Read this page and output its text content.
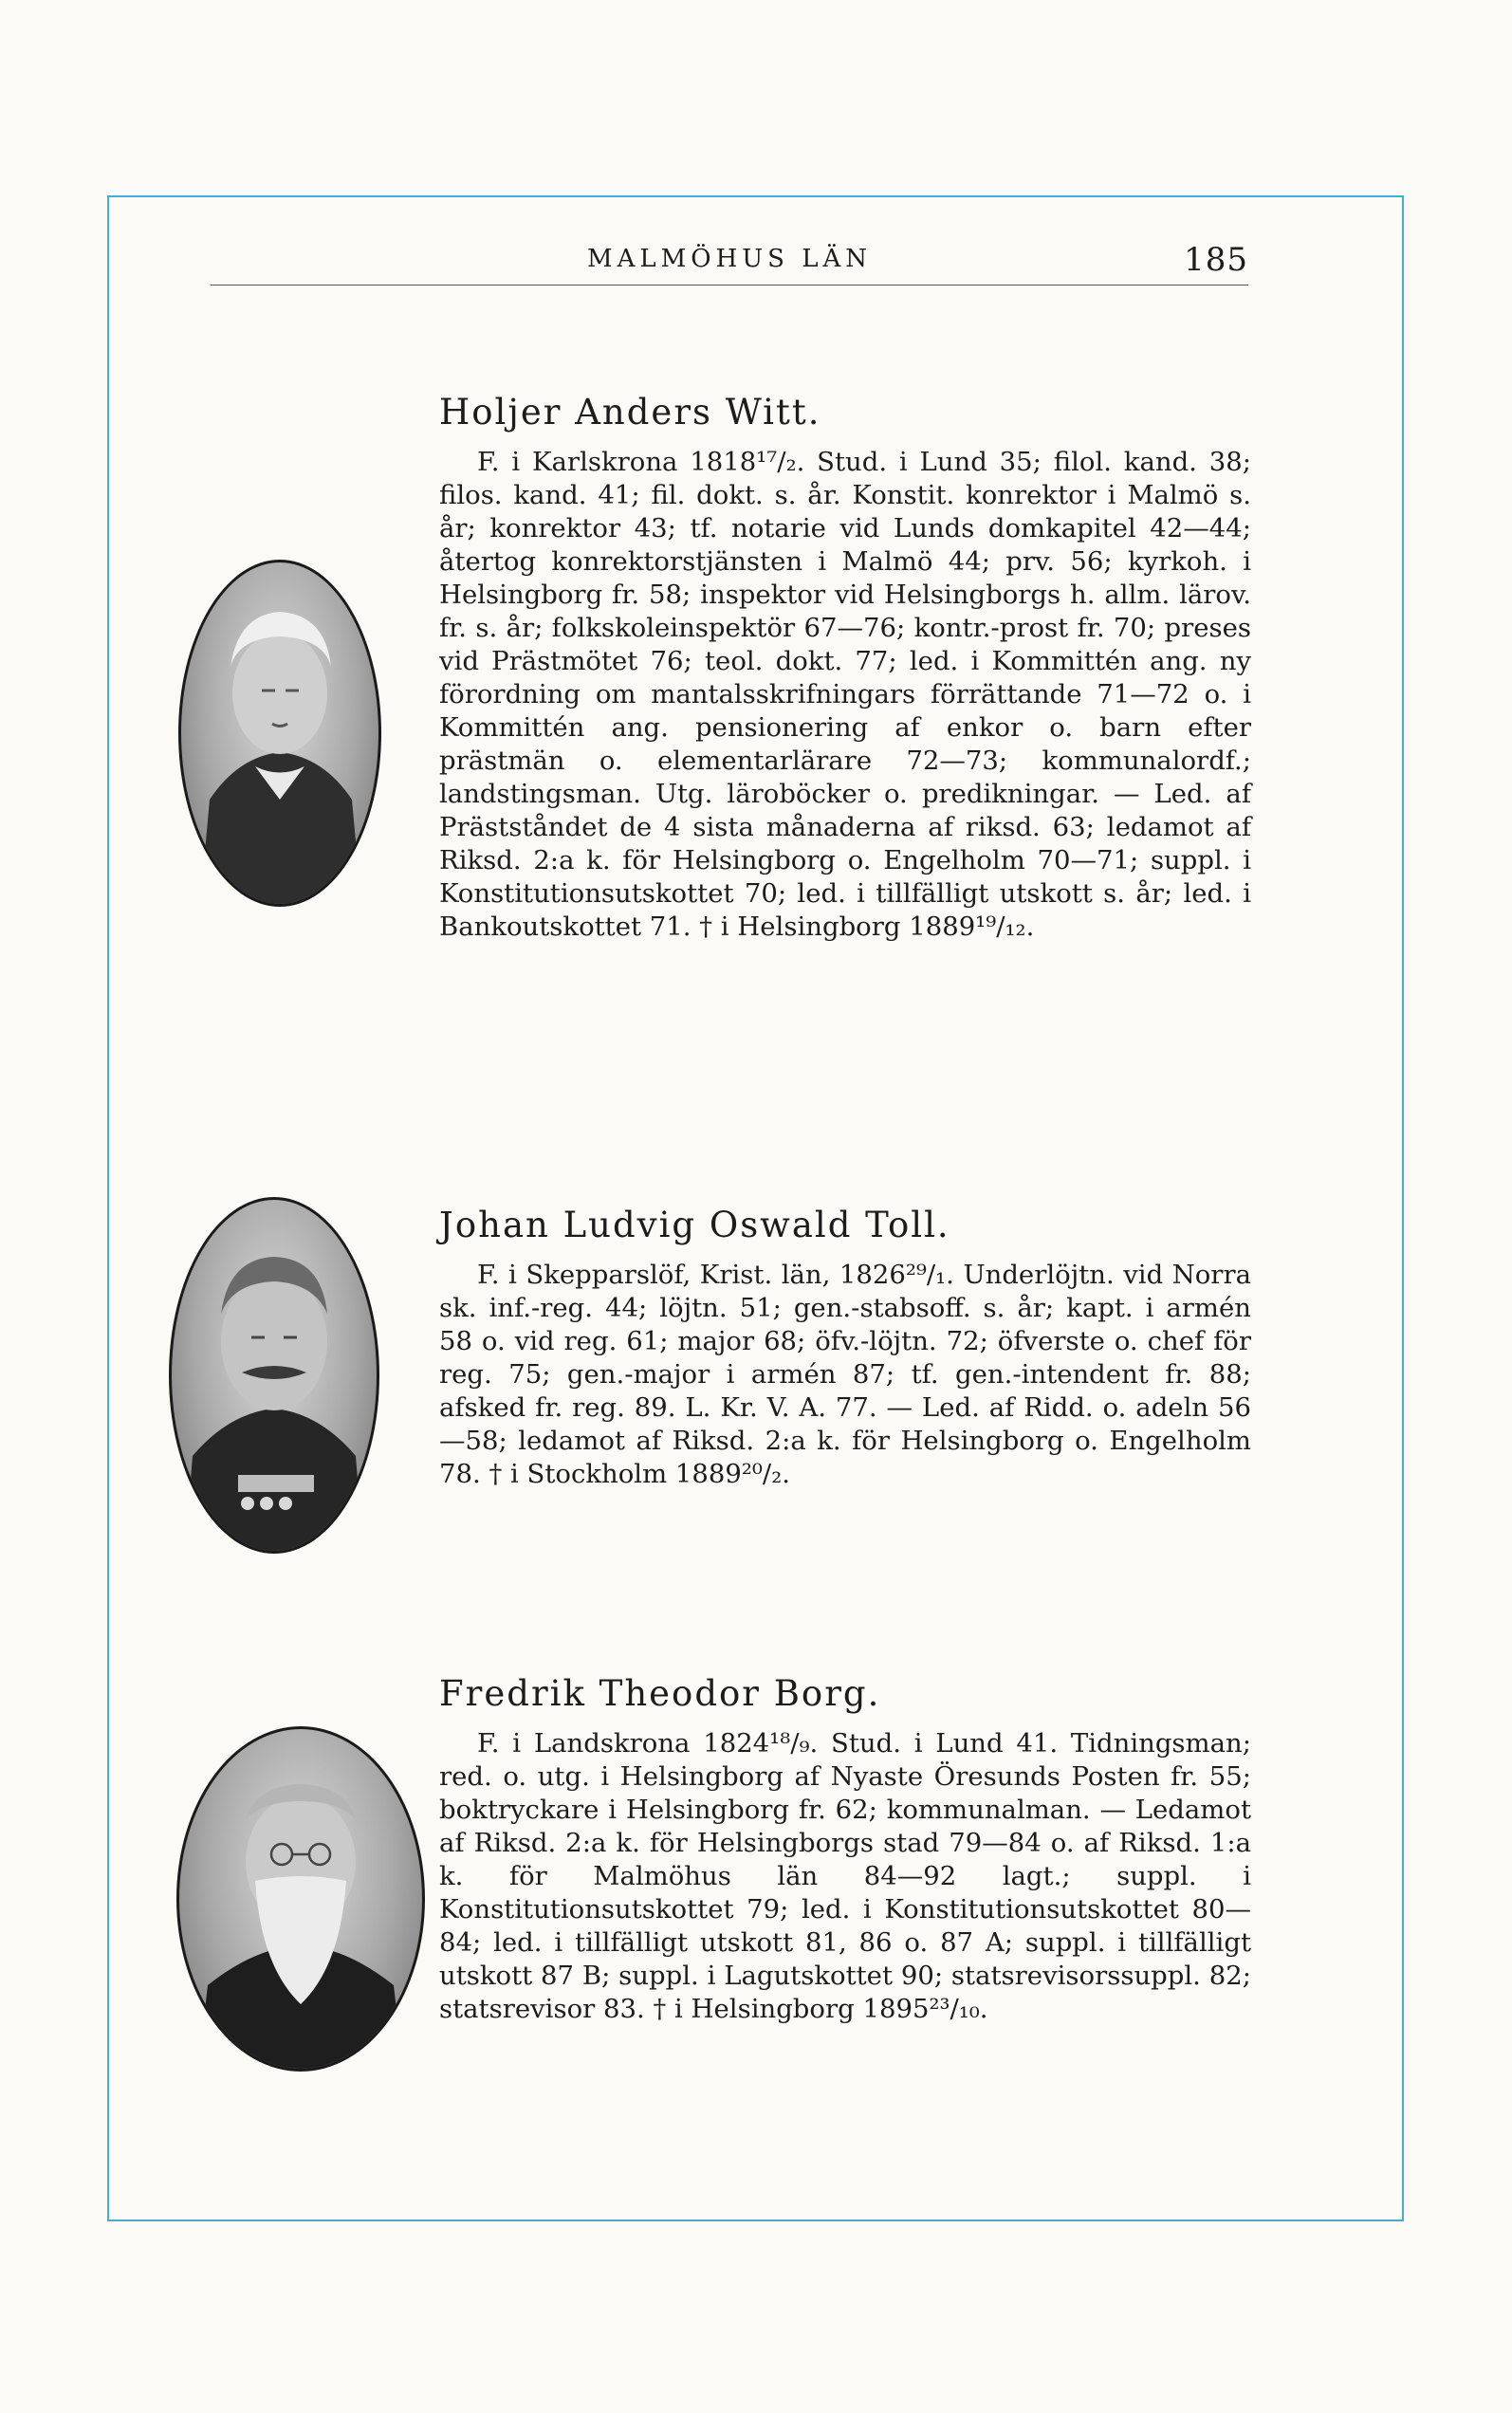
MALMÖHUS LÄN	185
Holjer Anders Witt.

F. i Karlskrona 1818¹⁷/₂. Stud. i Lund 35; filol. kand. 38; filos. kand. 41; fil. dokt. s. år. Konstit. konrektor i Malmö s. år; konrektor 43; tf. notarie vid Lunds domkapitel 42—44; återtog konrektorstjänsten i Malmö 44; prv. 56; kyrkoh. i Helsingborg fr. 58; inspektor vid Helsingborgs h. allm. lärov. fr. s. år; folkskoleinspektör 67—76; kontr.-prost fr. 70; preses vid Prästmötet 76; teol. dokt. 77; led. i Kommittén ang. ny förordning om mantalsskrifningars förrättande 71—72 o. i Kommittén ang. pensionering af enkor o. barn efter prästmän o. elementarlärare 72—73; kommunalordf.; landstingsman. Utg. läroböcker o. predikningar. — Led. af Prästståndet de 4 sista månaderna af riksd. 63; ledamot af Riksd. 2:a k. för Helsingborg o. Engelholm 70—71; suppl. i Konstitutionsutskottet 70; led. i tillfälligt utskott s. år; led. i Bankoutskottet 71. † i Helsingborg 1889¹⁹/₁₂.

Johan Ludvig Oswald Toll.

F. i Skepparslöf, Krist. län, 1826²⁹/₁. Underlöjtn. vid Norra sk. inf.-reg. 44; löjtn. 51; gen.-stabsoff. s. år; kapt. i armén 58 o. vid reg. 61; major 68; öfv.-löjtn. 72; öfverste o. chef för reg. 75; gen.-major i armén 87; tf. gen.-intendent fr. 88; afsked fr. reg. 89. L. Kr. V. A. 77. — Led. af Ridd. o. adeln 56 —58; ledamot af Riksd. 2:a k. för Helsingborg o. Engelholm 78. † i Stockholm 1889²⁰/₂.

Fredrik Theodor Borg.

F. i Landskrona 1824¹⁸/₉. Stud. i Lund 41. Tidningsman; red. o. utg. i Helsingborg af Nyaste Öresunds Posten fr. 55; boktryckare i Helsingborg fr. 62; kommunalman. — Ledamot af Riksd. 2:a k. för Helsingborgs stad 79—84 o. af Riksd. 1:a k. för Malmöhus län 84—92 lagt.; suppl. i Konstitutionsutskottet 79; led. i Konstitutionsutskottet 80—84; led. i tillfälligt utskott 81, 86 o. 87 A; suppl. i tillfälligt utskott 87 B; suppl. i Lagutskottet 90; statsrevisorssuppl. 82; statsrevisor 83. † i Helsingborg 1895²³/₁₀.
